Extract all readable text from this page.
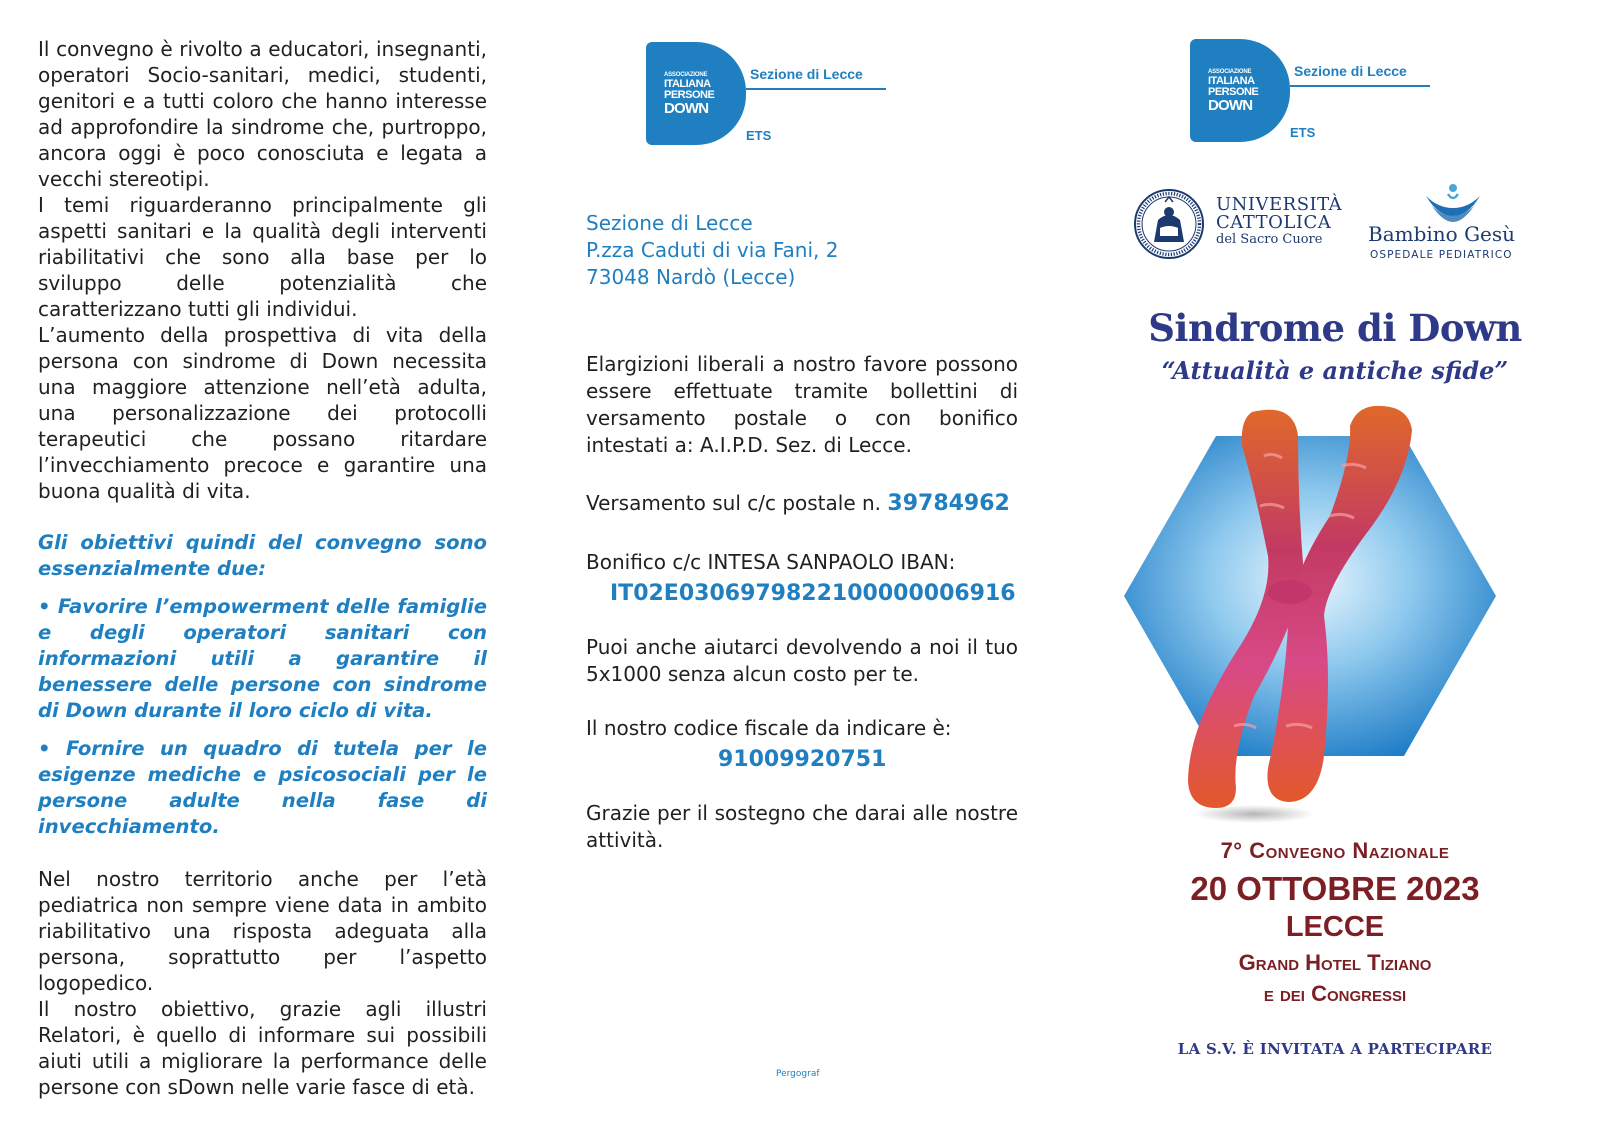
Il convegno è rivolto a educatori, insegnanti, operatori Socio-sanitari, medici, studenti, genitori e a tutti coloro che hanno interesse ad approfondire la sindrome che, purtroppo, ancora oggi è poco conosciuta e legata a vecchi stereotipi.

I temi riguarderanno principalmente gli aspetti sanitari e la qualità degli interventi riabilitativi che sono alla base per lo sviluppo delle potenzialità che caratterizzano tutti gli individui.

L’aumento della prospettiva di vita della persona con sindrome di Down necessita una maggiore attenzione nell’età adulta, una personalizzazione dei protocolli terapeutici che possano ritardare l’invecchiamento precoce e garantire una buona qualità di vita.

Gli obiettivi quindi del convegno sono essenzialmente due:

• Favorire l’empowerment delle famiglie e degli operatori sanitari con informazioni utili a garantire il benessere delle persone con sindrome di Down durante il loro ciclo di vita.

• Fornire un quadro di tutela per le esigenze mediche e psicosociali per le persone adulte nella fase di invecchiamento.

Nel nostro territorio anche per l’età pediatrica non sempre viene data in ambito riabilitativo una risposta adeguata alla persona, soprattutto per l’aspetto logopedico.

Il nostro obiettivo, grazie agli illustri Relatori, è quello di informare sui possibili aiuti utili a migliorare la performance delle persone con sDown nelle varie fasce di età.

ASSOCIAZIONE
ITALIANA
PERSONE
DOWN
Sezione di Lecce
ETS
Sezione di Lecce
P.zza Caduti di via Fani, 2
73048 Nardò (Lecce)

Elargizioni liberali a nostro favore possono essere effettuate tramite bollettini di versamento postale o con bonifico intestati a: A.I.P.D. Sez. di Lecce.

Versamento sul c/c postale n. 39784962
Bonifico c/c INTESA SANPAOLO IBAN:
IT02E0306979822100000006916

Puoi anche aiutarci devolvendo a noi il tuo 5x1000 senza alcun costo per te.

Il nostro codice fiscale da indicare è:
91009920751

Grazie per il sostegno che darai alle nostre attività.

Pergograf
ASSOCIAZIONE
ITALIANA
PERSONE
DOWN
Sezione di Lecce
ETS
UNIVERSITÀ
CATTOLICA
del Sacro Cuore	Bambino Gesù
OSPEDALE PEDIATRICO
Sindrome di Down
“Attualità e antiche sfide”
7° Convegno Nazionale
20 OTTOBRE 2023
LECCE
Grand Hotel Tiziano
e dei Congressi
LA S.V. È INVITATA A PARTECIPARE
